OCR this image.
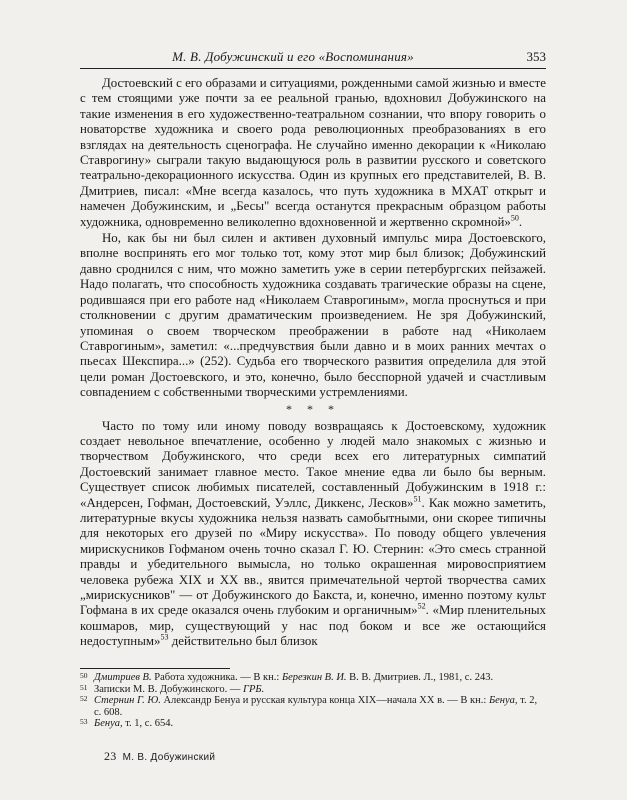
М. В. Добужинский и его «Воспоминания»	353

Достоевский с его образами и ситуациями, рожденными самой жизнью и вместе с тем стоящими уже почти за ее реальной гранью, вдохновил Добужинского на такие изменения в его художественно-театральном сознании, что впору говорить о новаторстве художника и своего рода революционных преобразованиях в его взглядах на деятельность сценографа. Не случайно именно декорации к «Николаю Ставрогину» сыграли такую выдающуюся роль в развитии русского и советского театрально-декорационного искусства. Один из крупных его представителей, В. В. Дмитриев, писал: «Мне всегда казалось, что путь художника в МХАТ открыт и намечен Добужинским, и „Бесы" всегда останутся прекрасным образцом работы художника, одновременно великолепно вдохновенной и жертвенно скромной»$^{50}$.

Но, как бы ни был силен и активен духовный импульс мира Достоевского, вполне воспринять его мог только тот, кому этот мир был близок; Добужинский давно сроднился с ним, что можно заметить уже в серии петербургских пейзажей. Надо полагать, что способность художника создавать трагические образы на сцене, родившаяся при его работе над «Николаем Ставрогиным», могла проснуться и при столкновении с другим драматическим произведением. Не зря Добужинский, упоминая о своем творческом преображении в работе над «Николаем Ставрогиным», заметил: «...предчувствия были давно и в моих ранних мечтах о пьесах Шекспира...» (252). Судьба его творческого развития определила для этой цели роман Достоевского, и это, конечно, было бесспорной удачей и счастливым совпадением с собственными творческими устремлениями.

* * *

Часто по тому или иному поводу возвращаясь к Достоевскому, художник создает невольное впечатление, особенно у людей мало знакомых с жизнью и творчеством Добужинского, что среди всех его литературных симпатий Достоевский занимает главное место. Такое мнение едва ли было бы верным. Существует список любимых писателей, составленный Добужинским в 1918 г.: «Андерсен, Гофман, Достоевский, Уэллс, Диккенс, Лесков»$^{51}$. Как можно заметить, литературные вкусы художника нельзя назвать самобытными, они скорее типичны для некоторых его друзей по «Миру искусства». По поводу общего увлечения мирискусников Гофманом очень точно сказал Г. Ю. Стернин: «Это смесь странной правды и убедительного вымысла, но только окрашенная мировосприятием человека рубежа XIX и XX вв., явится примечательной чертой творчества самих „мирискусников" — от Добужинского до Бакста, и, конечно, именно поэтому культ Гофмана в их среде оказался очень глубоким и органичным»$^{52}$. «Мир пленительных кошмаров, мир, существующий у нас под боком и все же остающийся недоступным»$^{53}$ действительно был близок

50 Дмитриев В. Работа художника. — В кн.: Березкин В. И. В. В. Дмитриев. Л., 1981, с. 243.
51 Записки М. В. Добужинского. — ГРБ.
52 Стернин Г. Ю. Александр Бенуа и русская культура конца XIX—начала XX в. — В кн.: Бенуа, т. 2, с. 608.
53 Бенуа, т. 1, с. 654.
23 М. В. Добужинский
